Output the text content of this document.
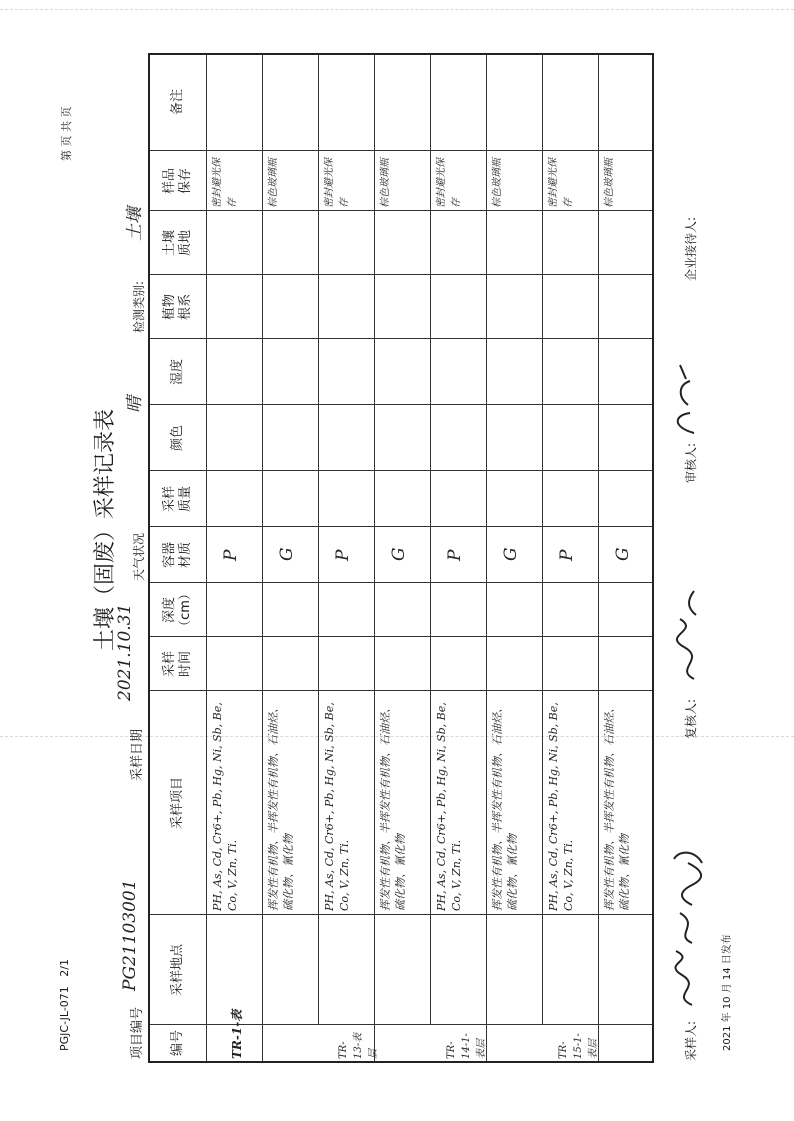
PGJC-JL-071 2/1
第 页 共 页
土壤（固废）采样记录表
项目编号
PG21103001
采样日期
2021.10.31
天气状况
晴
检测类别:
土壤
编号
采样地点
采样项目
采样时间
深度（cm）
容器材质
采样质量
颜色
湿度
植物根系
土壤质地
样品保存
备注
TR-1-表
PH, As, Cd, Cr6+, Pb, Hg, Ni, Sb, Be, Co, V, Zn, Ti.
P
密封避光保存
挥发性有机物、半挥发性有机物、石油烃、硫化物、氰化物
G
棕色玻璃瓶
TR-13-表层
PH, As, Cd, Cr6+, Pb, Hg, Ni, Sb, Be, Co, V, Zn, Ti.
P
密封避光保存
挥发性有机物、半挥发性有机物、石油烃、硫化物、氰化物
G
棕色玻璃瓶
TR-14-1-表层
PH, As, Cd, Cr6+, Pb, Hg, Ni, Sb, Be, Co, V, Zn, Ti.
P
密封避光保存
挥发性有机物、半挥发性有机物、石油烃、硫化物、氰化物
G
棕色玻璃瓶
TR-15-1-表层
PH, As, Cd, Cr6+, Pb, Hg, Ni, Sb, Be, Co, V, Zn, Ti.
P
密封避光保存
挥发性有机物、半挥发性有机物、石油烃、硫化物、氰化物
G
棕色玻璃瓶
采样人:
复核人:
审核人:
企业接待人:
2021 年 10 月 14 日发布
